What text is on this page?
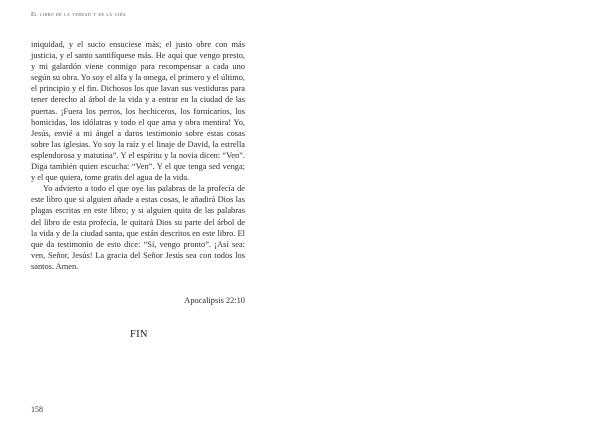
El libro de la verdad y de la vida

iniquidad, y el sucio ensuciese más; el justo obre con más justicia, y el santo santifíquese más. He aquí que vengo presto, y mi galardón viene conmigo para recompensar a cada uno según su obra. Yo soy el alfa y la omega, el primero y el último, el principio y el fin. Dichosos los que lavan sus vestiduras para tener derecho al árbol de la vida y a entrar en la ciudad de las puertas. ¡Fuera los perros, los hechiceros, los fornicarios, los homicidas, los idólatras y todo el que ama y obra mentira! Yo, Jesús, envié a mi ángel a daros testimonio sobre estas cosas sobre las iglesias. Yo soy la raíz y el linaje de David, la estrella esplendorosa y matutina”. Y el espíritu y la novia dicen: “Ven”. Diga también quien escucha: “Ven”. Y el que tenga sed venga; y el que quiera, tome gratis del agua de la vida.

Yo advierto a todo el que oye las palabras de la profecía de este libro que si alguien añade a estas cosas, le añadirá Dios las plagas escritas en este libro; y si alguien quita de las palabras del libro de esta profecía, le quitará Dios su parte del árbol de la vida y de la ciudad santa, que están descritos en este libro. El que da testimonio de esto dice: “Sí, vengo pronto”. ¡Así sea: ven, Señor, Jesús! La gracia del Señor Jesús sea con todos los santos. Amen.

Apocalipsis 22:10
FIN
158
